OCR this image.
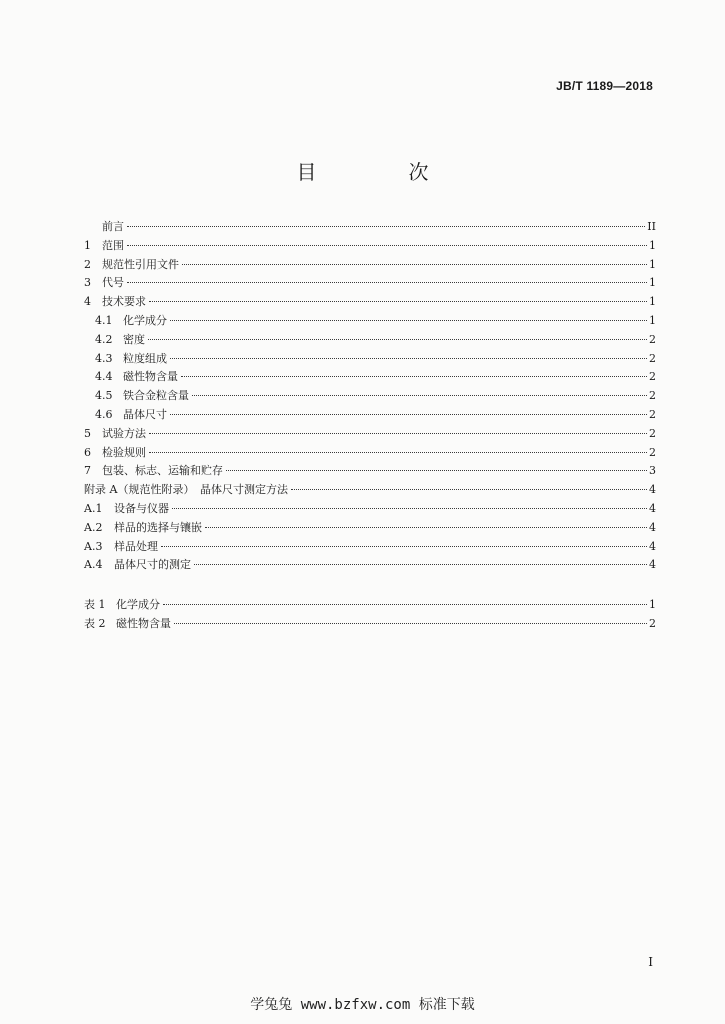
JB/T 1189—2018
目　次
前言	II
1	范围	1
2	规范性引用文件	1
3	代号	1
4	技术要求	1
4.1 化学成分	1
4.2 密度	2
4.3 粒度组成	2
4.4 磁性物含量	2
4.5 铁合金粒含量	2
4.6 晶体尺寸	2
5	试验方法	2
6	检验规则	2
7	包装、标志、运输和贮存	3
附录 A （规范性附录）　晶体尺寸测定方法	4
A.1	设备与仪器	4
A.2	样品的选择与镶嵌	4
A.3	样品处理	4
A.4	晶体尺寸的测定	4
表 1 化学成分	1
表 2 磁性物含量	2
I
学兔兔 www.bzfxw.com 标准下载
